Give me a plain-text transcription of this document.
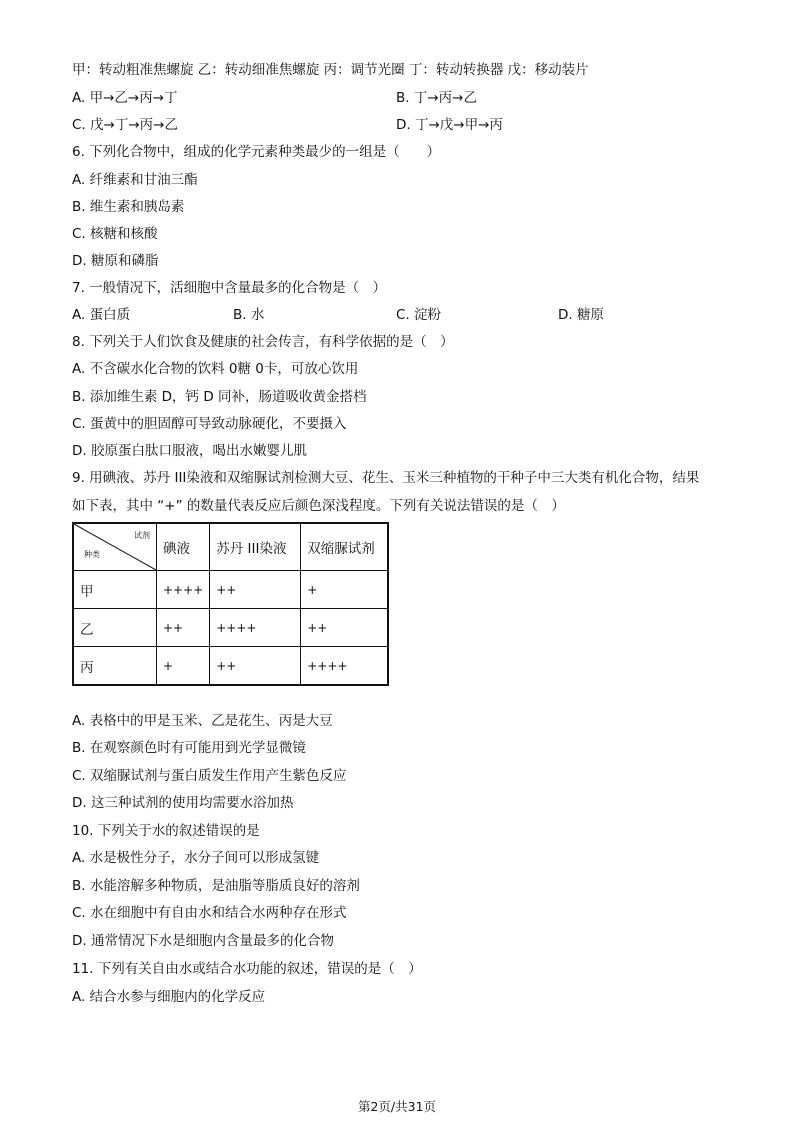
甲：转动粗准焦螺旋 乙：转动细准焦螺旋 丙：调节光圈 丁：转动转换器 戊：移动装片
A. 甲→乙→丙→丁	B. 丁→丙→乙
C. 戊→丁→丙→乙	D. 丁→戊→甲→丙
6. 下列化合物中，组成的化学元素种类最少的一组是（　　）
A. 纤维素和甘油三酯
B. 维生素和胰岛素
C. 核糖和核酸
D. 糖原和磷脂
7. 一般情况下，活细胞中含量最多的化合物是（　）
A. 蛋白质	B. 水	C. 淀粉	D. 糖原
8. 下列关于人们饮食及健康的社会传言，有科学依据的是（　）
A. 不含碳水化合物的饮料 0糖 0卡，可放心饮用
B. 添加维生素 D，钙 D 同补，肠道吸收黄金搭档
C. 蛋黄中的胆固醇可导致动脉硬化，不要摄入
D. 胶原蛋白肽口服液，喝出水嫩婴儿肌
9. 用碘液、苏丹 III染液和双缩脲试剂检测大豆、花生、玉米三种植物的干种子中三大类有机化合物，结果
如下表，其中 “+” 的数量代表反应后颜色深浅程度。下列有关说法错误的是（　）
试剂
种类	碘液	苏丹 III染液	双缩脲试剂
甲	++++	++	+
乙	++	++++	++
丙	+	++	++++
A. 表格中的甲是玉米、乙是花生、丙是大豆
B. 在观察颜色时有可能用到光学显微镜
C. 双缩脲试剂与蛋白质发生作用产生紫色反应
D. 这三种试剂的使用均需要水浴加热
10. 下列关于水的叙述错误的是
A. 水是极性分子，水分子间可以形成氢键
B. 水能溶解多种物质，是油脂等脂质良好的溶剂
C. 水在细胞中有自由水和结合水两种存在形式
D. 通常情况下水是细胞内含量最多的化合物
11. 下列有关自由水或结合水功能的叙述，错误的是（　）
A. 结合水参与细胞内的化学反应
第2页/共31页
